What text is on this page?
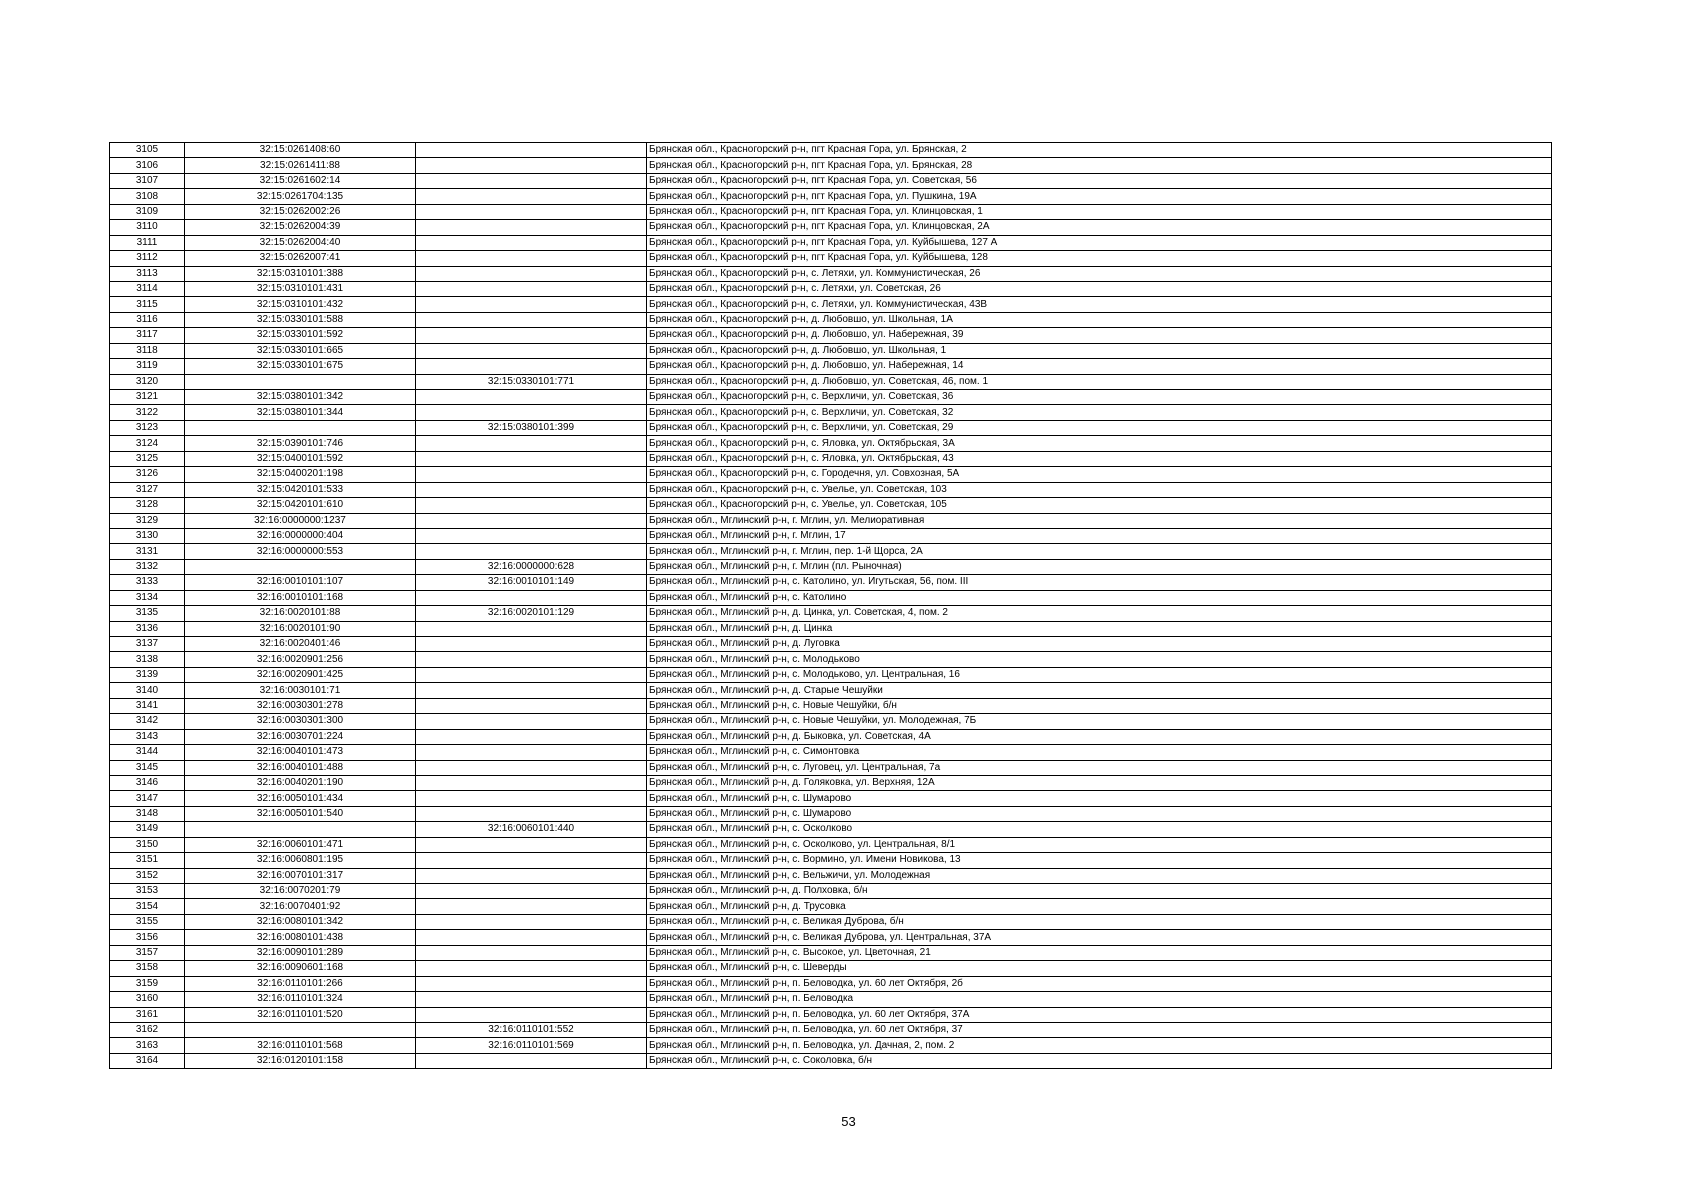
3105	32:15:0261408:60		Брянская обл., Красногорский р-н, пгт Красная Гора, ул. Брянская, 2
3106	32:15:0261411:88		Брянская обл., Красногорский р-н, пгт Красная Гора, ул. Брянская, 28
3107	32:15:0261602:14		Брянская обл., Красногорский р-н, пгт Красная Гора, ул. Советская, 56
3108	32:15:0261704:135		Брянская обл., Красногорский р-н, пгт Красная Гора, ул. Пушкина, 19А
3109	32:15:0262002:26		Брянская обл., Красногорский р-н, пгт Красная Гора, ул. Клинцовская, 1
3110	32:15:0262004:39		Брянская обл., Красногорский р-н, пгт Красная Гора, ул. Клинцовская, 2А
3111	32:15:0262004:40		Брянская обл., Красногорский р-н, пгт Красная Гора, ул. Куйбышева, 127 А
3112	32:15:0262007:41		Брянская обл., Красногорский р-н, пгт Красная Гора, ул. Куйбышева, 128
3113	32:15:0310101:388		Брянская обл., Красногорский р-н, с. Летяхи, ул. Коммунистическая, 26
3114	32:15:0310101:431		Брянская обл., Красногорский р-н, с. Летяхи, ул. Советская, 26
3115	32:15:0310101:432		Брянская обл., Красногорский р-н, с. Летяхи, ул. Коммунистическая, 43В
3116	32:15:0330101:588		Брянская обл., Красногорский р-н, д. Любовшо, ул. Школьная, 1А
3117	32:15:0330101:592		Брянская обл., Красногорский р-н, д. Любовшо, ул. Набережная, 39
3118	32:15:0330101:665		Брянская обл., Красногорский р-н, д. Любовшо, ул. Школьная, 1
3119	32:15:0330101:675		Брянская обл., Красногорский р-н, д. Любовшо, ул. Набережная, 14
3120		32:15:0330101:771	Брянская обл., Красногорский р-н, д. Любовшо, ул. Советская, 46, пом. 1
3121	32:15:0380101:342		Брянская обл., Красногорский р-н, с. Верхличи, ул. Советская, 36
3122	32:15:0380101:344		Брянская обл., Красногорский р-н, с. Верхличи, ул. Советская, 32
3123		32:15:0380101:399	Брянская обл., Красногорский р-н, с. Верхличи, ул. Советская, 29
3124	32:15:0390101:746		Брянская обл., Красногорский р-н, с. Яловка, ул. Октябрьская, 3А
3125	32:15:0400101:592		Брянская обл., Красногорский р-н, с. Яловка, ул. Октябрьская, 43
3126	32:15:0400201:198		Брянская обл., Красногорский р-н, с. Городечня, ул. Совхозная, 5А
3127	32:15:0420101:533		Брянская обл., Красногорский р-н, с. Увелье, ул. Советская, 103
3128	32:15:0420101:610		Брянская обл., Красногорский р-н, с. Увелье, ул. Советская, 105
3129	32:16:0000000:1237		Брянская обл., Мглинский р-н, г. Мглин, ул. Мелиоративная
3130	32:16:0000000:404		Брянская обл., Мглинский р-н, г. Мглин, 17
3131	32:16:0000000:553		Брянская обл., Мглинский р-н, г. Мглин, пер. 1-й Щорса, 2А
3132		32:16:0000000:628	Брянская обл., Мглинский р-н, г. Мглин (пл. Рыночная)
3133	32:16:0010101:107	32:16:0010101:149	Брянская обл., Мглинский р-н, с. Католино, ул. Игутьская, 56, пом. III
3134	32:16:0010101:168		Брянская обл., Мглинский р-н, с. Католино
3135	32:16:0020101:88	32:16:0020101:129	Брянская обл., Мглинский р-н, д. Цинка, ул. Советская, 4, пом. 2
3136	32:16:0020101:90		Брянская обл., Мглинский р-н, д. Цинка
3137	32:16:0020401:46		Брянская обл., Мглинский р-н, д. Луговка
3138	32:16:0020901:256		Брянская обл., Мглинский р-н, с. Молодьково
3139	32:16:0020901:425		Брянская обл., Мглинский р-н, с. Молодьково, ул. Центральная, 16
3140	32:16:0030101:71		Брянская обл., Мглинский р-н, д. Старые Чешуйки
3141	32:16:0030301:278		Брянская обл., Мглинский р-н, с. Новые Чешуйки, б/н
3142	32:16:0030301:300		Брянская обл., Мглинский р-н, с. Новые Чешуйки, ул. Молодежная, 7Б
3143	32:16:0030701:224		Брянская обл., Мглинский р-н, д. Быковка, ул. Советская, 4А
3144	32:16:0040101:473		Брянская обл., Мглинский р-н, с. Симонтовка
3145	32:16:0040101:488		Брянская обл., Мглинский р-н, с. Луговец, ул. Центральная, 7а
3146	32:16:0040201:190		Брянская обл., Мглинский р-н, д. Голяковка, ул. Верхняя, 12А
3147	32:16:0050101:434		Брянская обл., Мглинский р-н, с. Шумарово
3148	32:16:0050101:540		Брянская обл., Мглинский р-н, с. Шумарово
3149		32:16:0060101:440	Брянская обл., Мглинский р-н, с. Осколково
3150	32:16:0060101:471		Брянская обл., Мглинский р-н, с. Осколково, ул. Центральная, 8/1
3151	32:16:0060801:195		Брянская обл., Мглинский р-н, с. Вормино, ул. Имени Новикова, 13
3152	32:16:0070101:317		Брянская обл., Мглинский р-н, с. Вельжичи, ул. Молодежная
3153	32:16:0070201:79		Брянская обл., Мглинский р-н, д. Полховка, б/н
3154	32:16:0070401:92		Брянская обл., Мглинский р-н, д. Трусовка
3155	32:16:0080101:342		Брянская обл., Мглинский р-н, с. Великая Дуброва, б/н
3156	32:16:0080101:438		Брянская обл., Мглинский р-н, с. Великая Дуброва, ул. Центральная, 37А
3157	32:16:0090101:289		Брянская обл., Мглинский р-н, с. Высокое, ул. Цветочная, 21
3158	32:16:0090601:168		Брянская обл., Мглинский р-н, с. Шеверды
3159	32:16:0110101:266		Брянская обл., Мглинский р-н, п. Беловодка, ул. 60 лет Октября, 2б
3160	32:16:0110101:324		Брянская обл., Мглинский р-н, п. Беловодка
3161	32:16:0110101:520		Брянская обл., Мглинский р-н, п. Беловодка, ул. 60 лет Октября, 37А
3162		32:16:0110101:552	Брянская обл., Мглинский р-н, п. Беловодка, ул. 60 лет Октября, 37
3163	32:16:0110101:568	32:16:0110101:569	Брянская обл., Мглинский р-н, п. Беловодка, ул. Дачная, 2, пом. 2
3164	32:16:0120101:158		Брянская обл., Мглинский р-н, с. Соколовка, б/н
53
